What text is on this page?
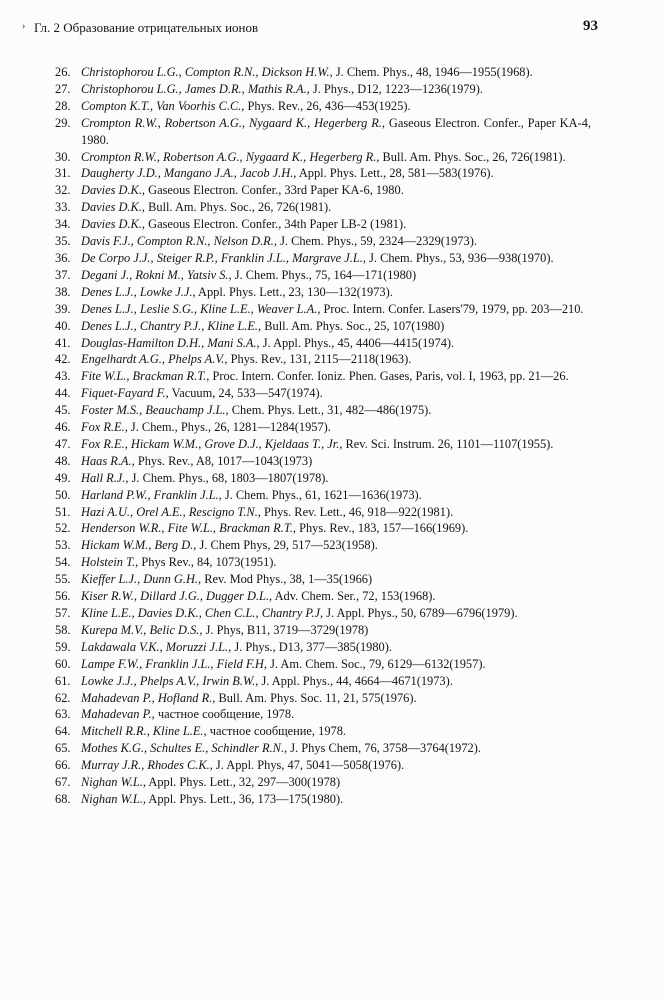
› Гл. 2 Образование отрицательных ионов	93
26. Christophorou L.G., Compton R.N., Dickson H.W., J. Chem. Phys., 48, 1946—1955(1968).
27. Christophorou L.G., James D.R., Mathis R.A., J. Phys., D12, 1223—1236(1979).
28. Compton K.T., Van Voorhis C.C., Phys. Rev., 26, 436—453(1925).
29. Crompton R.W., Robertson A.G., Nygaard K., Hegerberg R., Gaseous Electron. Confer., Paper KA-4, 1980.
30. Crompton R.W., Robertson A.G., Nygaard K., Hegerberg R., Bull. Am. Phys. Soc., 26, 726(1981).
31. Daugherty J.D., Mangano J.A., Jacob J.H., Appl. Phys. Lett., 28, 581—583(1976).
32. Davies D.K., Gaseous Electron. Confer., 33rd Paper KA-6, 1980.
33. Davies D.K., Bull. Am. Phys. Soc., 26, 726(1981).
34. Davies D.K., Gaseous Electron. Confer., 34th Paper LB-2 (1981).
35. Davis F.J., Compton R.N., Nelson D.R., J. Chem. Phys., 59, 2324—2329(1973).
36. De Corpo J.J., Steiger R.P., Franklin J.L., Margrave J.L., J. Chem. Phys., 53, 936—938(1970).
37. Degani J., Rokni M., Yatsiv S., J. Chem. Phys., 75, 164—171(1980)
38. Denes L.J., Lowke J.J., Appl. Phys. Lett., 23, 130—132(1973).
39. Denes L.J., Leslie S.G., Kline L.E., Weaver L.A., Proc. Intern. Confer. Lasers'79, 1979, pp. 203—210.
40. Denes L.J., Chantry P.J., Kline L.E., Bull. Am. Phys. Soc., 25, 107(1980)
41. Douglas-Hamilton D.H., Mani S.A., J. Appl. Phys., 45, 4406—4415(1974).
42. Engelhardt A.G., Phelps A.V., Phys. Rev., 131, 2115—2118(1963).
43. Fite W.L., Brackman R.T., Proc. Intern. Confer. Ioniz. Phen. Gases, Paris, vol. I, 1963, pp. 21—26.
44. Fiquet-Fayard F., Vacuum, 24, 533—547(1974).
45. Foster M.S., Beauchamp J.L., Chem. Phys. Lett., 31, 482—486(1975).
46. Fox R.E., J. Chem., Phys., 26, 1281—1284(1957).
47. Fox R.E., Hickam W.M., Grove D.J., Kjeldaas T., Jr., Rev. Sci. Instrum. 26, 1101—1107(1955).
48. Haas R.A., Phys. Rev., A8, 1017—1043(1973)
49. Hall R.J., J. Chem. Phys., 68, 1803—1807(1978).
50. Harland P.W., Franklin J.L., J. Chem. Phys., 61, 1621—1636(1973).
51. Hazi A.U., Orel A.E., Rescigno T.N., Phys. Rev. Lett., 46, 918—922(1981).
52. Henderson W.R., Fite W.L., Brackman R.T., Phys. Rev., 183, 157—166(1969).
53. Hickam W.M., Berg D., J. Chem Phys, 29, 517—523(1958).
54. Holstein T., Phys Rev., 84, 1073(1951).
55. Kieffer L.J., Dunn G.H., Rev. Mod Phys., 38, 1—35(1966)
56. Kiser R.W., Dillard J.G., Dugger D.L., Adv. Chem. Ser., 72, 153(1968).
57. Kline L.E., Davies D.K., Chen C.L., Chantry P.J, J. Appl. Phys., 50, 6789—6796(1979).
58. Kurepa M.V., Belic D.S., J. Phys, B11, 3719—3729(1978)
59. Lakdawala V.K., Moruzzi J.L., J. Phys., D13, 377—385(1980).
60. Lampe F.W., Franklin J.L., Field F.H, J. Am. Chem. Soc., 79, 6129—6132(1957).
61. Lowke J.J., Phelps A.V., Irwin B.W., J. Appl. Phys., 44, 4664—4671(1973).
62. Mahadevan P., Hofland R., Bull. Am. Phys. Soc. 11, 21, 575(1976).
63. Mahadevan P., частное сообщение, 1978.
64. Mitchell R.R., Kline L.E., частное сообщение, 1978.
65. Mothes K.G., Schultes E., Schindler R.N., J. Phys Chem, 76, 3758—3764(1972).
66. Murray J.R., Rhodes C.K., J. Appl. Phys, 47, 5041—5058(1976).
67. Nighan W.L., Appl. Phys. Lett., 32, 297—300(1978)
68. Nighan W.L., Appl. Phys. Lett., 36, 173—175(1980).
